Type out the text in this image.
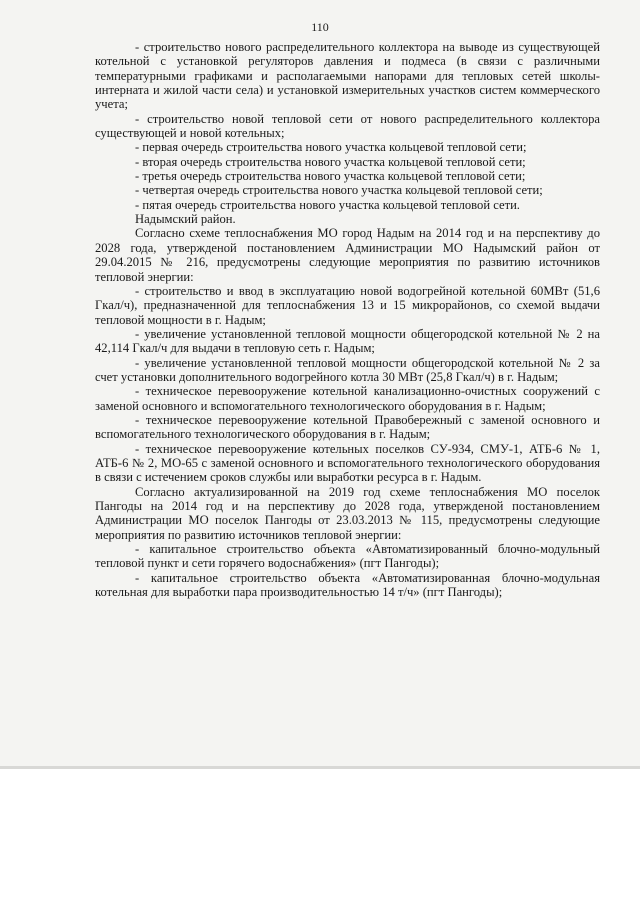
110

- строительство нового распределительного коллектора на выводе из существующей котельной с установкой регуляторов давления и подмеса (в связи с различными температурными графиками и располагаемыми напорами для тепловых сетей школы-интерната и жилой части села) и установкой измерительных участков систем коммерческого учета;

- строительство новой тепловой сети от нового распределительного коллектора существующей и новой котельных;

- первая очередь строительства нового участка кольцевой тепловой сети;

- вторая очередь строительства нового участка кольцевой тепловой сети;

- третья очередь строительства нового участка кольцевой тепловой сети;

- четвертая очередь строительства нового участка кольцевой тепловой сети;

- пятая очередь строительства нового участка кольцевой тепловой сети.

Надымский район.

Согласно схеме теплоснабжения МО город Надым на 2014 год и на перспективу до 2028 года, утвержденой постановлением Администрации МО Надымский район от 29.04.2015 № 216, предусмотрены следующие мероприятия по развитию источников тепловой энергии:

- строительство и ввод в эксплуатацию новой водогрейной котельной 60МВт (51,6 Гкал/ч), предназначенной для теплоснабжения 13 и 15 микрорайонов, со схемой выдачи тепловой мощности в г. Надым;

- увеличение установленной тепловой мощности общегородской котельной № 2 на 42,114 Гкал/ч для выдачи в тепловую сеть г. Надым;

- увеличение установленной тепловой мощности общегородской котельной № 2 за счет установки дополнительного водогрейного котла 30 МВт (25,8 Гкал/ч) в г. Надым;

- техническое перевооружение котельной канализационно-очистных сооружений с заменой основного и вспомогательного технологического оборудования в г. Надым;

- техническое перевооружение котельной Правобережный с заменой основного и вспомогательного технологического оборудования в г. Надым;

- техническое перевооружение котельных поселков СУ-934, СМУ-1, АТБ-6 № 1, АТБ-6 № 2, МО-65 с заменой основного и вспомогательного технологического оборудования в связи с истечением сроков службы или выработки ресурса в г. Надым.

Согласно актуализированной на 2019 год схеме теплоснабжения МО поселок Пангоды на 2014 год и на перспективу до 2028 года, утвержденой постановлением Администрации МО поселок Пангоды от 23.03.2013 № 115, предусмотрены следующие мероприятия по развитию источников тепловой энергии:

- капитальное строительство объекта «Автоматизированный блочно-модульный тепловой пункт и сети горячего водоснабжения» (пгт Пангоды);

- капитальное строительство объекта «Автоматизированная блочно-модульная котельная для выработки пара производительностью 14 т/ч» (пгт Пангоды);
